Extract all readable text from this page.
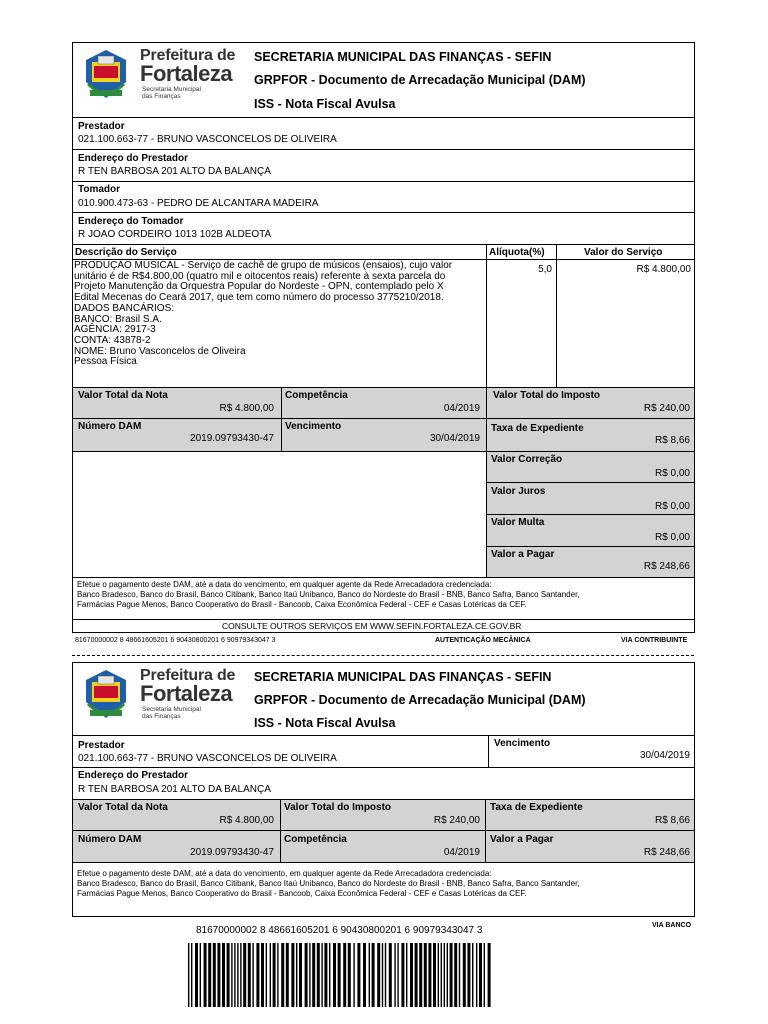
Prefeitura de
Fortaleza
Secretaria Municipal
das Finanças
SECRETARIA MUNICIPAL DAS FINANÇAS - SEFIN
GRPFOR - Documento de Arrecadação Municipal (DAM)
ISS - Nota Fiscal Avulsa
Prestador
021.100.663-77 - BRUNO VASCONCELOS DE OLIVEIRA
Endereço do Prestador
R TEN BARBOSA 201 ALTO DA BALANÇA
Tomador
010.900.473-63 - PEDRO DE ALCANTARA MADEIRA
Endereço do Tomador
R JOAO CORDEIRO 1013 102B ALDEOTA
Descrição do Serviço	Alíquota(%)	Valor do Serviço
PRODUÇÃO MUSICAL - Serviço de cachê de grupo de músicos (ensaios), cujo valor
unitário é de R$4.800,00 (quatro mil e oitocentos reais) referente à sexta parcela do
Projeto Manutenção da Orquestra Popular do Nordeste - OPN, contemplado pelo X
Edital Mecenas do Ceará 2017, que tem como número do processo 3775210/2018.
DADOS BANCÁRIOS:
BANCO: Brasil S.A.
AGÊNCIA: 2917-3
CONTA: 43878-2
NOME: Bruno Vasconcelos de Oliveira
Pessoa Física
5,0	R$ 4.800,00
Valor Total da Nota
R$ 4.800,00
Competência
04/2019
Valor Total do Imposto
R$ 240,00
Número DAM
2019.09793430-47
Vencimento
30/04/2019
Taxa de Expediente
R$ 8,66
Valor Correção
R$ 0,00
Valor Juros
R$ 0,00
Valor Multa
R$ 0,00
Valor a Pagar
R$ 248,66
Efetue o pagamento deste DAM, até a data do vencimento, em qualquer agente da Rede Arrecadadora credenciada:
Banco Bradesco, Banco do Brasil, Banco Citibank, Banco Itaú Unibanco, Banco do Nordeste do Brasil - BNB, Banco Safra, Banco Santander,
Farmácias Pague Menos, Banco Cooperativo do Brasil - Bancoob, Caixa Econômica Federal - CEF e Casas Lotéricas da CEF.
CONSULTE OUTROS SERVIÇOS EM WWW.SEFIN.FORTALEZA.CE.GOV.BR
81670000002 8 48661605201 6 90430800201 6 90979343047 3	AUTENTICAÇÃO MECÂNICA	VIA CONTRIBUINTE
Prefeitura de
Fortaleza
Secretaria Municipal
das Finanças
SECRETARIA MUNICIPAL DAS FINANÇAS - SEFIN
GRPFOR - Documento de Arrecadação Municipal (DAM)
ISS - Nota Fiscal Avulsa
Prestador
021.100.663-77 - BRUNO VASCONCELOS DE OLIVEIRA
Vencimento
30/04/2019
Endereço do Prestador
R TEN BARBOSA 201 ALTO DA BALANÇA
Valor Total da Nota
R$ 4.800,00
Valor Total do Imposto
R$ 240,00
Taxa de Expediente
R$ 8,66
Número DAM
2019.09793430-47
Competência
04/2019
Valor a Pagar
R$ 248,66
Efetue o pagamento deste DAM, até a data do vencimento, em qualquer agente da Rede Arrecadadora credenciada:
Banco Bradesco, Banco do Brasil, Banco Citibank, Banco Itaú Unibanco, Banco do Nordeste do Brasil - BNB, Banco Safra, Banco Santander,
Farmácias Pague Menos, Banco Cooperativo do Brasil - Bancoob, Caixa Econômica Federal - CEF e Casas Lotéricas da CEF.
81670000002 8 48661605201 6 90430800201 6 90979343047 3	VIA BANCO
